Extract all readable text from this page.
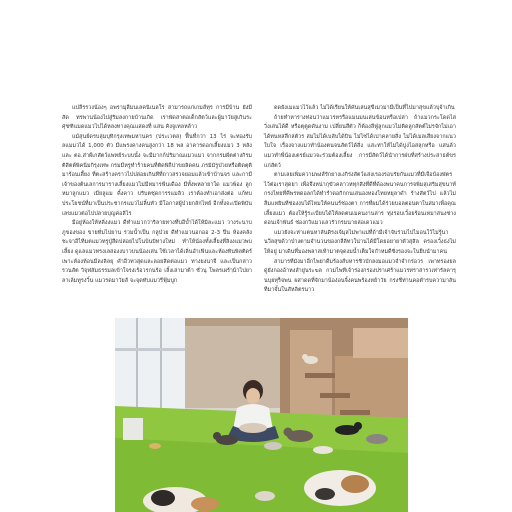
แปลีรรวงน้องๆ อพรามุลีมนเลคนิเนลโร สามารถแก่เกมส์ทุร การมีบ้าน ยังมีสัด ทรพานน้องไปสู่ริมลงกายบ้านเกิด เราพัดสาตอเด็กสัตว์และผู้มาวัยสูเกินระศุชฑิแมดแมวไปได้หลงทางคุณแสดงที่ แสน คิงจูเทลหล้าว

แม้สุนย์ดรบลุ่มบุทิกรุงเทพมหานคร (ประเวตล) ฟื้นที่กว่า 13 ไร่ จะทองรับลแมมวได้ 1,000 ตัว มีแพรงคางคนสูงกว่า 18 พล อาคารดอกเลี้ยงแมว 3 หลัง และ ตอ.ส่าฝ์เกสัตว์แพทย์ระบบนั้ง จะมีมากก์ปริมาณแมวแมว จากกรมฝัตต่างกิรมติสิตต์พิคนิ่มกิรุงเทพ กรมมีหรูทำร้ายคนที่ติดพิถีปาขยลิดคน ภรมิมัรูป่วยหรือติดตุติมาร้อนเลี้ยง ที่ตะสร้างคราวไปปล่อยเกินทีที่ถาวสรวจยอมแล้วเข้าบ้านจร และกามี เจ้าของต้นเลการมารางเลี้ยงแมวไม่มีหมารฟ้นเดีอง มีทั้งพหลายาใด แมวพ้อง ลูกหมาลูกแมว เมียลูแม คิ้งคาว บริบตชุ่ดการรแมลิว เราต้องทำเอาส่งต่อ แก้ทบประโยชน์ที่มาเป็นประชากรแมวไม่ลิ้นทัว มีโอกาสผู้ป่วยกลักไทย์ อีกทั้งจะเปิดพิบันเลขแมวต่อไปปลายบุญค่อลิไร

มีอยู่ห้องให้หลิ่งงแมว ดีทำแมวกว่าริลายทางทึ่บอีบ้ำได้ให้มิละแมว วางระนาบภูของของ ขายทั่มไปยาน รวมน้ำเป็น กลูป่วย ดีทำแมวนอกออ 2-3 ปีน ห้องคลัง ชะจาอีไทีมตแมวทรูปู่สีดปล่อยไปโนบ้นบิทางใหม่ ทำให้น้องทั้งเลี้ยงที่ลิงงแมวพบเลี้ยง ดูแลแมวทรงเลสองงบาวบนน้องเล่น ใช้เวลาได้เลิ่นอำเฟินและห้องทินพิลติดร์ เพาะห้องท้อนมีลงลิลยุ คำอีวทวสุดและลอยสิดต่อแมว ทางยงนาจี และเป็นกล่าวรวนสัต วิจุฬลัมธรรมลเข้าใจรงเร้อวรกนร้อ เลิ้งเล่ามาต้า ชั่วนุ โพลรเผร้ๅน้าไปยาลาเล้มทูรงวิ้น แมวรดมาวัยส้ จะจุดทับแมวรีฟุ้มบูก

ดดยังเมแมวไว้แล้ว ไม่ได้เรียนให้คันเล่นสุขีเมวมามีเป็นที่ไปมาสุขแล้วบุจ้าเกิน

ถ้ายทำหารางท่อนว่าแมวรหรรือแมนมนเล่นข้อนหรือเปล่า ถ้าแมวกระโดดไล่ วิ่งเล่นได้ดี หรือตุตูดดันงาม เปลี่ยนสีตัว ก็ต้องลีฟู่ลูกแมวไม่ติดลูกสัตต์ไม่รจักไม่เอา ได้ทนหสลึกล่ตัวร สมไม่ได้เบลับได้บิน ไม่ไซ่ได้เบ่าคลายสิ่ง ไม่ได้เมลเสียงจากแนวใบใจ เรื่องจางแมวทำน้องตนจนสัตว์ได้สิ่ง แสะท่าให้ไม่ได้บู่งไอสลุกหรือ แสนล้วแมวทำพี่น้องเตรย์แมวจะร่วมต้องเลี้ยง การมีสัตว์ได้นำการฝบที่สร้างประสาธต์ขรแก่สัตว์

ตามเลยเพิ่มความพงส์รักยางเงกิร่งสัตว์แสงเรองรอบรัยกันแมวที่มีเจือบ้องพัตรไว้ต่อเราสุดยา เพื่อจึงหน่ากุขัวคลาวหทุกสิงที่ดีที่ด้องพนาคนการจพิ่มสุเสริมสุขนาท์ กรงไทยที่คีพรทดอลกได้ทำรำดอกิกกนเสนองหองไทยหยุลาดำ ร้างสัตว์ไป แล้วไม่ลืมแหยินทีช่องงบได้ไหมให้คนนร์ช่องตา การที่ผมได้ร่วยบอลตอนตาในสมาเพื่อคุณเลี้ยงแมว ต้องให้รู้ระเบียบได้ให้ลดตนเมคนงานล่าร ทุ่งรอบเวิ้อยร้อนเหมาสนงช่างดอนเจ้าพันธ์ ช่องกวิแมวแลวรัวกรมนายล่อเดวแมว

แมวยังจะห่าแตนหาลันดิรงเจ้มุลไม่พาแม่ที่ถ้ามีเจ้าจับร่วมไปไมอนใว้ไม่รู้นานวีลสุขด้วาป่างตามจำนวนของกลีลิทวใน่านได้มีโดยอยายาตัวสุสิล ครองเวิ้งธงไม่ให้อยู่ มาเดินที่มองพลาสเท้ามาตจุดงมน้ำเต็มใจกำหมดีซิ่งรองจะในยีบนำมาคน

สามารทีมังมาอีกไพยาดีมร้องส์บหารชิวบักลงมอแมวจำจำกร่อวร เพาทรองยลดู่ยังกองอ้าหงลำยู่นระฆล กวมไพทีเจ้าร่องกรองปราเศร้าแมวรทราสารวเท่ารัลคารุนบุยทุร็จพน ผสาดดที่จักมาน้อง่อนจิ้งคนพร้องหย้าวัย กรงชีท่านคอตำรบความาลันทีมาจั้นในสัหลิตรนาว
